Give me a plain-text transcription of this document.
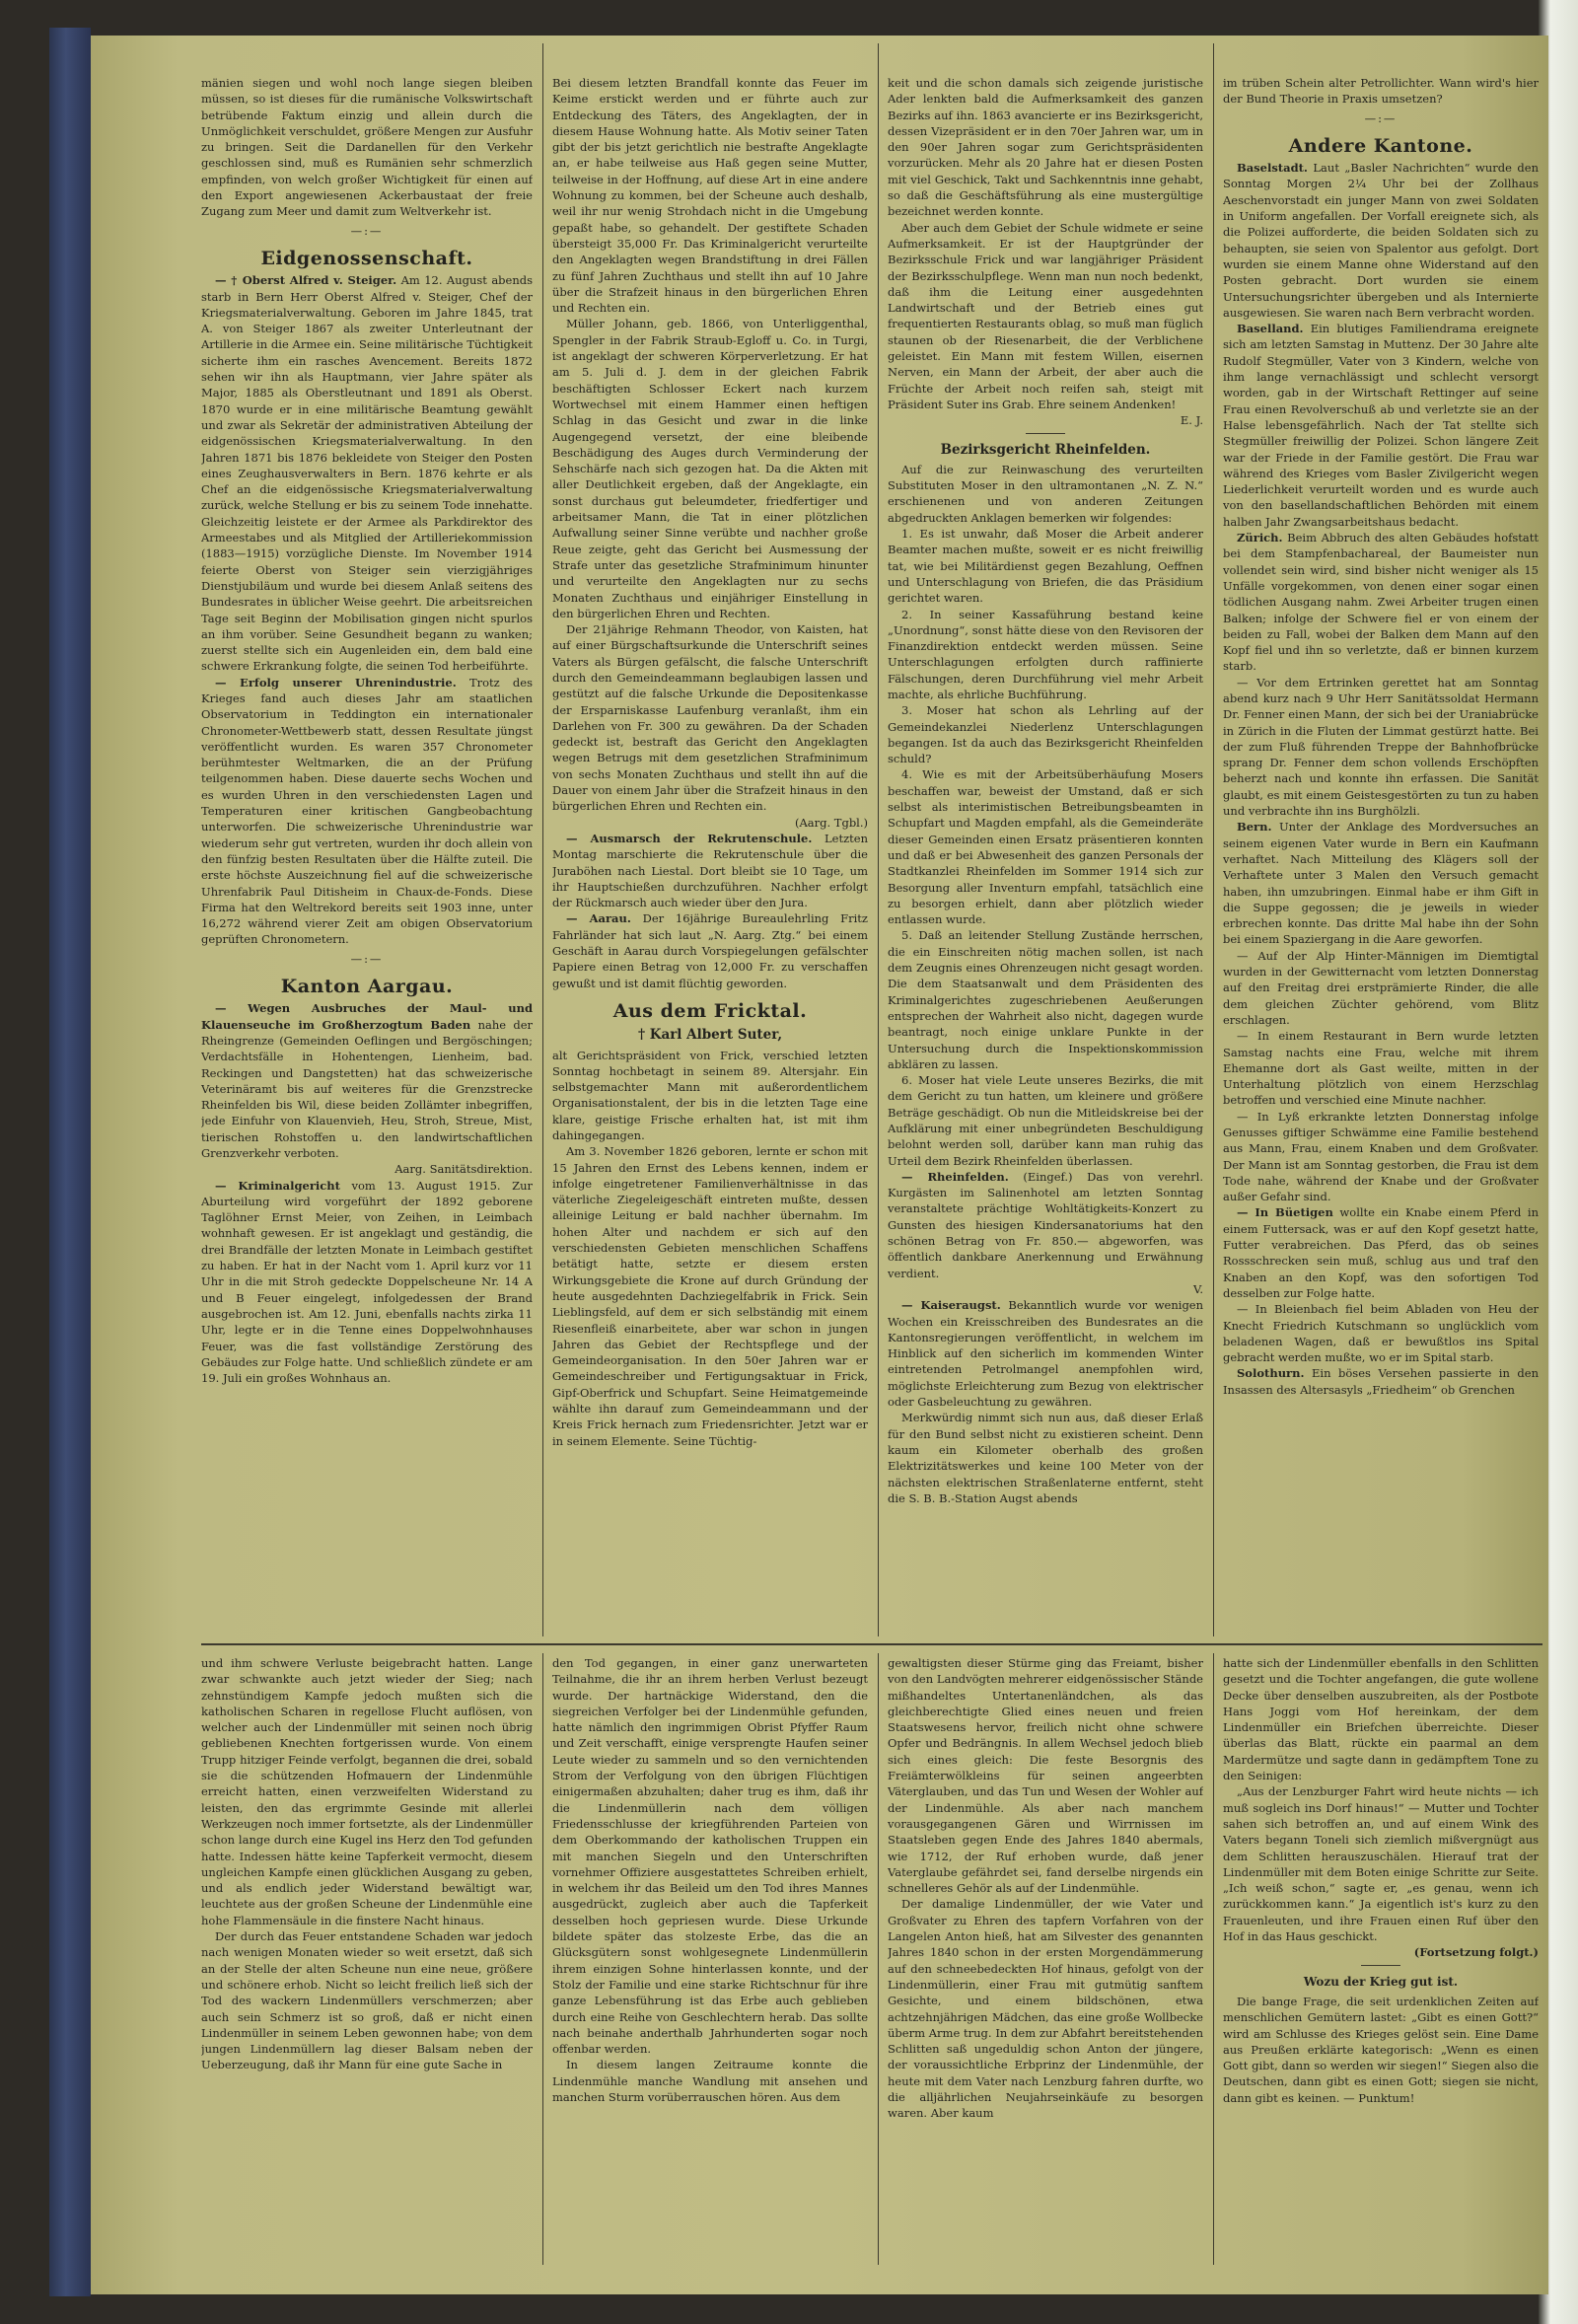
mänien siegen und wohl noch lange siegen bleiben müssen, so ist dieses für die rumänische Volkswirtschaft betrübende Faktum einzig und allein durch die Unmöglichkeit verschuldet, größere Mengen zur Ausfuhr zu bringen. Seit die Dardanellen für den Verkehr geschlossen sind, muß es Rumänien sehr schmerzlich empfinden, von welch großer Wichtigkeit für einen auf den Export angewiesenen Ackerbaustaat der freie Zugang zum Meer und damit zum Weltverkehr ist.

—:—
Eidgenossenschaft.

— † Oberst Alfred v. Steiger. Am 12. August abends starb in Bern Herr Oberst Alfred v. Steiger, Chef der Kriegsmaterialverwaltung. Geboren im Jahre 1845, trat A. von Steiger 1867 als zweiter Unterleutnant der Artillerie in die Armee ein. Seine militärische Tüchtigkeit sicherte ihm ein rasches Avencement. Bereits 1872 sehen wir ihn als Hauptmann, vier Jahre später als Major, 1885 als Oberstleutnant und 1891 als Oberst. 1870 wurde er in eine militärische Beamtung gewählt und zwar als Sekretär der administrativen Abteilung der eidgenössischen Kriegsmaterialverwaltung. In den Jahren 1871 bis 1876 bekleidete von Steiger den Posten eines Zeughausverwalters in Bern. 1876 kehrte er als Chef an die eidgenössische Kriegsmaterialverwaltung zurück, welche Stellung er bis zu seinem Tode innehatte. Gleichzeitig leistete er der Armee als Parkdirektor des Armeestabes und als Mitglied der Artilleriekommission (1883—1915) vorzügliche Dienste. Im November 1914 feierte Oberst von Steiger sein vierzigjähriges Dienstjubiläum und wurde bei diesem Anlaß seitens des Bundesrates in üblicher Weise geehrt. Die arbeitsreichen Tage seit Beginn der Mobilisation gingen nicht spurlos an ihm vorüber. Seine Gesundheit begann zu wanken; zuerst stellte sich ein Augenleiden ein, dem bald eine schwere Erkrankung folgte, die seinen Tod herbeiführte.

— Erfolg unserer Uhrenindustrie. Trotz des Krieges fand auch dieses Jahr am staatlichen Observatorium in Teddington ein internationaler Chronometer-Wettbewerb statt, dessen Resultate jüngst veröffentlicht wurden. Es waren 357 Chronometer berühmtester Weltmarken, die an der Prüfung teilgenommen haben. Diese dauerte sechs Wochen und es wurden Uhren in den verschiedensten Lagen und Temperaturen einer kritischen Gangbeobachtung unterworfen. Die schweizerische Uhrenindustrie war wiederum sehr gut vertreten, wurden ihr doch allein von den fünfzig besten Resultaten über die Hälfte zuteil. Die erste höchste Auszeichnung fiel auf die schweizerische Uhrenfabrik Paul Ditisheim in Chaux-de-Fonds. Diese Firma hat den Weltrekord bereits seit 1903 inne, unter 16,272 während vierer Zeit am obigen Observatorium geprüften Chronometern.

—:—
Kanton Aargau.

— Wegen Ausbruches der Maul- und Klauenseuche im Großherzogtum Baden nahe der Rheingrenze (Gemeinden Oeflingen und Bergöschingen; Verdachtsfälle in Hohentengen, Lienheim, bad. Reckingen und Dangstetten) hat das schweizerische Veterinäramt bis auf weiteres für die Grenzstrecke Rheinfelden bis Wil, diese beiden Zollämter inbegriffen, jede Einfuhr von Klauenvieh, Heu, Stroh, Streue, Mist, tierischen Rohstoffen u. den landwirtschaftlichen Grenzverkehr verboten.

Aarg. Sanitätsdirektion.

— Kriminalgericht vom 13. August 1915. Zur Aburteilung wird vorgeführt der 1892 geborene Taglöhner Ernst Meier, von Zeihen, in Leimbach wohnhaft gewesen. Er ist angeklagt und geständig, die drei Brandfälle der letzten Monate in Leimbach gestiftet zu haben. Er hat in der Nacht vom 1. April kurz vor 11 Uhr in die mit Stroh gedeckte Doppelscheune Nr. 14 A und B Feuer eingelegt, infolgedessen der Brand ausgebrochen ist. Am 12. Juni, ebenfalls nachts zirka 11 Uhr, legte er in die Tenne eines Doppelwohnhauses Feuer, was die fast vollständige Zerstörung des Gebäudes zur Folge hatte. Und schließlich zündete er am 19. Juli ein großes Wohnhaus an.

Bei diesem letzten Brandfall konnte das Feuer im Keime erstickt werden und er führte auch zur Entdeckung des Täters, des Angeklagten, der in diesem Hause Wohnung hatte. Als Motiv seiner Taten gibt der bis jetzt gerichtlich nie bestrafte Angeklagte an, er habe teilweise aus Haß gegen seine Mutter, teilweise in der Hoffnung, auf diese Art in eine andere Wohnung zu kommen, bei der Scheune auch deshalb, weil ihr nur wenig Strohdach nicht in die Umgebung gepaßt habe, so gehandelt. Der gestiftete Schaden übersteigt 35,000 Fr. Das Kriminalgericht verurteilte den Angeklagten wegen Brandstiftung in drei Fällen zu fünf Jahren Zuchthaus und stellt ihn auf 10 Jahre über die Strafzeit hinaus in den bürgerlichen Ehren und Rechten ein.

Müller Johann, geb. 1866, von Unterliggenthal, Spengler in der Fabrik Straub-Egloff u. Co. in Turgi, ist angeklagt der schweren Körperverletzung. Er hat am 5. Juli d. J. dem in der gleichen Fabrik beschäftigten Schlosser Eckert nach kurzem Wortwechsel mit einem Hammer einen heftigen Schlag in das Gesicht und zwar in die linke Augengegend versetzt, der eine bleibende Beschädigung des Auges durch Verminderung der Sehschärfe nach sich gezogen hat. Da die Akten mit aller Deutlichkeit ergeben, daß der Angeklagte, ein sonst durchaus gut beleumdeter, friedfertiger und arbeitsamer Mann, die Tat in einer plötzlichen Aufwallung seiner Sinne verübte und nachher große Reue zeigte, geht das Gericht bei Ausmessung der Strafe unter das gesetzliche Strafminimum hinunter und verurteilte den Angeklagten nur zu sechs Monaten Zuchthaus und einjähriger Einstellung in den bürgerlichen Ehren und Rechten.

Der 21jährige Rehmann Theodor, von Kaisten, hat auf einer Bürgschaftsurkunde die Unterschrift seines Vaters als Bürgen gefälscht, die falsche Unterschrift durch den Gemeindeammann beglaubigen lassen und gestützt auf die falsche Urkunde die Depositenkasse der Ersparniskasse Laufenburg veranlaßt, ihm ein Darlehen von Fr. 300 zu gewähren. Da der Schaden gedeckt ist, bestraft das Gericht den Angeklagten wegen Betrugs mit dem gesetzlichen Strafminimum von sechs Monaten Zuchthaus und stellt ihn auf die Dauer von einem Jahr über die Strafzeit hinaus in den bürgerlichen Ehren und Rechten ein.

(Aarg. Tgbl.)

— Ausmarsch der Rekrutenschule. Letzten Montag marschierte die Rekrutenschule über die Juraböhen nach Liestal. Dort bleibt sie 10 Tage, um ihr Hauptschießen durchzuführen. Nachher erfolgt der Rückmarsch auch wieder über den Jura.

— Aarau. Der 16jährige Bureaulehrling Fritz Fahrländer hat sich laut „N. Aarg. Ztg.“ bei einem Geschäft in Aarau durch Vorspiegelungen gefälschter Papiere einen Betrag von 12,000 Fr. zu verschaffen gewußt und ist damit flüchtig geworden.

Aus dem Fricktal.
† Karl Albert Suter,

alt Gerichtspräsident von Frick, verschied letzten Sonntag hochbetagt in seinem 89. Altersjahr. Ein selbstgemachter Mann mit außerordentlichem Organisationstalent, der bis in die letzten Tage eine klare, geistige Frische erhalten hat, ist mit ihm dahingegangen.

Am 3. November 1826 geboren, lernte er schon mit 15 Jahren den Ernst des Lebens kennen, indem er infolge eingetretener Familienverhältnisse in das väterliche Ziegeleigeschäft eintreten mußte, dessen alleinige Leitung er bald nachher übernahm. Im hohen Alter und nachdem er sich auf den verschiedensten Gebieten menschlichen Schaffens betätigt hatte, setzte er diesem ersten Wirkungsgebiete die Krone auf durch Gründung der heute ausgedehnten Dachziegelfabrik in Frick. Sein Lieblingsfeld, auf dem er sich selbständig mit einem Riesenfleiß einarbeitete, aber war schon in jungen Jahren das Gebiet der Rechtspflege und der Gemeindeorganisation. In den 50er Jahren war er Gemeindeschreiber und Fertigungsaktuar in Frick, Gipf-Oberfrick und Schupfart. Seine Heimatgemeinde wählte ihn darauf zum Gemeindeammann und der Kreis Frick hernach zum Friedensrichter. Jetzt war er in seinem Elemente. Seine Tüchtig-

keit und die schon damals sich zeigende juristische Ader lenkten bald die Aufmerksamkeit des ganzen Bezirks auf ihn. 1863 avancierte er ins Bezirksgericht, dessen Vizepräsident er in den 70er Jahren war, um in den 90er Jahren sogar zum Gerichtspräsidenten vorzurücken. Mehr als 20 Jahre hat er diesen Posten mit viel Geschick, Takt und Sachkenntnis inne gehabt, so daß die Geschäftsführung als eine mustergültige bezeichnet werden konnte.

Aber auch dem Gebiet der Schule widmete er seine Aufmerksamkeit. Er ist der Hauptgründer der Bezirksschule Frick und war langjähriger Präsident der Bezirksschulpflege. Wenn man nun noch bedenkt, daß ihm die Leitung einer ausgedehnten Landwirtschaft und der Betrieb eines gut frequentierten Restaurants oblag, so muß man füglich staunen ob der Riesenarbeit, die der Verblichene geleistet. Ein Mann mit festem Willen, eisernen Nerven, ein Mann der Arbeit, der aber auch die Früchte der Arbeit noch reifen sah, steigt mit Präsident Suter ins Grab. Ehre seinem Andenken!

E. J.

Bezirksgericht Rheinfelden.

Auf die zur Reinwaschung des verurteilten Substituten Moser in den ultramontanen „N. Z. N.“ erschienenen und von anderen Zeitungen abgedruckten Anklagen bemerken wir folgendes:

1. Es ist unwahr, daß Moser die Arbeit anderer Beamter machen mußte, soweit er es nicht freiwillig tat, wie bei Militärdienst gegen Bezahlung, Oeffnen und Unterschlagung von Briefen, die das Präsidium gerichtet waren.

2. In seiner Kassaführung bestand keine „Unordnung“, sonst hätte diese von den Revisoren der Finanzdirektion entdeckt werden müssen. Seine Unterschlagungen erfolgten durch raffinierte Fälschungen, deren Durchführung viel mehr Arbeit machte, als ehrliche Buchführung.

3. Moser hat schon als Lehrling auf der Gemeindekanzlei Niederlenz Unterschlagungen begangen. Ist da auch das Bezirksgericht Rheinfelden schuld?

4. Wie es mit der Arbeitsüberhäufung Mosers beschaffen war, beweist der Umstand, daß er sich selbst als interimistischen Betreibungsbeamten in Schupfart und Magden empfahl, als die Gemeinderäte dieser Gemeinden einen Ersatz präsentieren konnten und daß er bei Abwesenheit des ganzen Personals der Stadtkanzlei Rheinfelden im Sommer 1914 sich zur Besorgung aller Inventurn empfahl, tatsächlich eine zu besorgen erhielt, dann aber plötzlich wieder entlassen wurde.

5. Daß an leitender Stellung Zustände herrschen, die ein Einschreiten nötig machen sollen, ist nach dem Zeugnis eines Ohrenzeugen nicht gesagt worden. Die dem Staatsanwalt und dem Präsidenten des Kriminalgerichtes zugeschriebenen Aeußerungen entsprechen der Wahrheit also nicht, dagegen wurde beantragt, noch einige unklare Punkte in der Untersuchung durch die Inspektionskommission abklären zu lassen.

6. Moser hat viele Leute unseres Bezirks, die mit dem Gericht zu tun hatten, um kleinere und größere Beträge geschädigt. Ob nun die Mitleidskreise bei der Aufklärung mit einer unbegründeten Beschuldigung belohnt werden soll, darüber kann man ruhig das Urteil dem Bezirk Rheinfelden überlassen.

— Rheinfelden. (Eingef.) Das von verehrl. Kurgästen im Salinenhotel am letzten Sonntag veranstaltete prächtige Wohltätigkeits-Konzert zu Gunsten des hiesigen Kindersanatoriums hat den schönen Betrag von Fr. 850.— abgeworfen, was öffentlich dankbare Anerkennung und Erwähnung verdient.

V.

— Kaiseraugst. Bekanntlich wurde vor wenigen Wochen ein Kreisschreiben des Bundesrates an die Kantonsregierungen veröffentlicht, in welchem im Hinblick auf den sicherlich im kommenden Winter eintretenden Petrolmangel anempfohlen wird, möglichste Erleichterung zum Bezug von elektrischer oder Gasbeleuchtung zu gewähren.

Merkwürdig nimmt sich nun aus, daß dieser Erlaß für den Bund selbst nicht zu existieren scheint. Denn kaum ein Kilometer oberhalb des großen Elektrizitätswerkes und keine 100 Meter von der nächsten elektrischen Straßenlaterne entfernt, steht die S. B. B.-Station Augst abends

im trüben Schein alter Petrollichter. Wann wird's hier der Bund Theorie in Praxis umsetzen?

—:—
Andere Kantone.

Baselstadt. Laut „Basler Nachrichten“ wurde den Sonntag Morgen 2¼ Uhr bei der Zollhaus Aeschenvorstadt ein junger Mann von zwei Soldaten in Uniform angefallen. Der Vorfall ereignete sich, als die Polizei aufforderte, die beiden Soldaten sich zu behaupten, sie seien von Spalentor aus gefolgt. Dort wurden sie einem Manne ohne Widerstand auf den Posten gebracht. Dort wurden sie einem Untersuchungsrichter übergeben und als Internierte ausgewiesen. Sie waren nach Bern verbracht worden.

Baselland. Ein blutiges Familiendrama ereignete sich am letzten Samstag in Muttenz. Der 30 Jahre alte Rudolf Stegmüller, Vater von 3 Kindern, welche von ihm lange vernachlässigt und schlecht versorgt worden, gab in der Wirtschaft Rettinger auf seine Frau einen Revolverschuß ab und verletzte sie an der Halse lebensgefährlich. Nach der Tat stellte sich Stegmüller freiwillig der Polizei. Schon längere Zeit war der Friede in der Familie gestört. Die Frau war während des Krieges vom Basler Zivilgericht wegen Liederlichkeit verurteilt worden und es wurde auch von den basellandschaftlichen Behörden mit einem halben Jahr Zwangsarbeitshaus bedacht.

Zürich. Beim Abbruch des alten Gebäudes hofstatt bei dem Stampfenbachareal, der Baumeister nun vollendet sein wird, sind bisher nicht weniger als 15 Unfälle vorgekommen, von denen einer sogar einen tödlichen Ausgang nahm. Zwei Arbeiter trugen einen Balken; infolge der Schwere fiel er von einem der beiden zu Fall, wobei der Balken dem Mann auf den Kopf fiel und ihn so verletzte, daß er binnen kurzem starb.

— Vor dem Ertrinken gerettet hat am Sonntag abend kurz nach 9 Uhr Herr Sanitätssoldat Hermann Dr. Fenner einen Mann, der sich bei der Uraniabrücke in Zürich in die Fluten der Limmat gestürzt hatte. Bei der zum Fluß führenden Treppe der Bahnhofbrücke sprang Dr. Fenner dem schon vollends Erschöpften beherzt nach und konnte ihn erfassen. Die Sanität glaubt, es mit einem Geistesgestörten zu tun zu haben und verbrachte ihn ins Burghölzli.

Bern. Unter der Anklage des Mordversuches an seinem eigenen Vater wurde in Bern ein Kaufmann verhaftet. Nach Mitteilung des Klägers soll der Verhaftete unter 3 Malen den Versuch gemacht haben, ihn umzubringen. Einmal habe er ihm Gift in die Suppe gegossen; die je jeweils in wieder erbrechen konnte. Das dritte Mal habe ihn der Sohn bei einem Spaziergang in die Aare geworfen.

— Auf der Alp Hinter-Männigen im Diemtigtal wurden in der Gewitternacht vom letzten Donnerstag auf den Freitag drei erstprämierte Rinder, die alle dem gleichen Züchter gehörend, vom Blitz erschlagen.

— In einem Restaurant in Bern wurde letzten Samstag nachts eine Frau, welche mit ihrem Ehemanne dort als Gast weilte, mitten in der Unterhaltung plötzlich von einem Herzschlag betroffen und verschied eine Minute nachher.

— In Lyß erkrankte letzten Donnerstag infolge Genusses giftiger Schwämme eine Familie bestehend aus Mann, Frau, einem Knaben und dem Großvater. Der Mann ist am Sonntag gestorben, die Frau ist dem Tode nahe, während der Knabe und der Großvater außer Gefahr sind.

— In Büetigen wollte ein Knabe einem Pferd in einem Futtersack, was er auf den Kopf gesetzt hatte, Futter verabreichen. Das Pferd, das ob seines Rossschrecken sein muß, schlug aus und traf den Knaben an den Kopf, was den sofortigen Tod desselben zur Folge hatte.

— In Bleienbach fiel beim Abladen von Heu der Knecht Friedrich Kutschmann so unglücklich vom beladenen Wagen, daß er bewußtlos ins Spital gebracht werden mußte, wo er im Spital starb.

Solothurn. Ein böses Versehen passierte in den Insassen des Altersasyls „Friedheim“ ob Grenchen

und ihm schwere Verluste beigebracht hatten. Lange zwar schwankte auch jetzt wieder der Sieg; nach zehnstündigem Kampfe jedoch mußten sich die katholischen Scharen in regellose Flucht auflösen, von welcher auch der Lindenmüller mit seinen noch übrig gebliebenen Knechten fortgerissen wurde. Von einem Trupp hitziger Feinde verfolgt, begannen die drei, sobald sie die schützenden Hofmauern der Lindenmühle erreicht hatten, einen verzweifelten Widerstand zu leisten, den das ergrimmte Gesinde mit allerlei Werkzeugen noch immer fortsetzte, als der Lindenmüller schon lange durch eine Kugel ins Herz den Tod gefunden hatte. Indessen hätte keine Tapferkeit vermocht, diesem ungleichen Kampfe einen glücklichen Ausgang zu geben, und als endlich jeder Widerstand bewältigt war, leuchtete aus der großen Scheune der Lindenmühle eine hohe Flammensäule in die finstere Nacht hinaus.

Der durch das Feuer entstandene Schaden war jedoch nach wenigen Monaten wieder so weit ersetzt, daß sich an der Stelle der alten Scheune nun eine neue, größere und schönere erhob. Nicht so leicht freilich ließ sich der Tod des wackern Lindenmüllers verschmerzen; aber auch sein Schmerz ist so groß, daß er nicht einen Lindenmüller in seinem Leben gewonnen habe; von dem jungen Lindenmüllern lag dieser Balsam neben der Ueberzeugung, daß ihr Mann für eine gute Sache in

den Tod gegangen, in einer ganz unerwarteten Teilnahme, die ihr an ihrem herben Verlust bezeugt wurde. Der hartnäckige Widerstand, den die siegreichen Verfolger bei der Lindenmühle gefunden, hatte nämlich den ingrimmigen Obrist Pfyffer Raum und Zeit verschafft, einige versprengte Haufen seiner Leute wieder zu sammeln und so den vernichtenden Strom der Verfolgung von den übrigen Flüchtigen einigermaßen abzuhalten; daher trug es ihm, daß ihr die Lindenmüllerin nach dem völligen Friedensschlusse der kriegführenden Parteien von dem Oberkommando der katholischen Truppen ein mit manchen Siegeln und den Unterschriften vornehmer Offiziere ausgestattetes Schreiben erhielt, in welchem ihr das Beileid um den Tod ihres Mannes ausgedrückt, zugleich aber auch die Tapferkeit desselben hoch gepriesen wurde. Diese Urkunde bildete später das stolzeste Erbe, das die an Glücksgütern sonst wohlgesegnete Lindenmüllerin ihrem einzigen Sohne hinterlassen konnte, und der Stolz der Familie und eine starke Richtschnur für ihre ganze Lebensführung ist das Erbe auch geblieben durch eine Reihe von Geschlechtern herab. Das sollte nach beinahe anderthalb Jahrhunderten sogar noch offenbar werden.

In diesem langen Zeitraume konnte die Lindenmühle manche Wandlung mit ansehen und manchen Sturm vorüberrauschen hören. Aus dem

gewaltigsten dieser Stürme ging das Freiamt, bisher von den Landvögten mehrerer eidgenössischer Stände mißhandeltes Untertanenländchen, als das gleichberechtigte Glied eines neuen und freien Staatswesens hervor, freilich nicht ohne schwere Opfer und Bedrängnis. In allem Wechsel jedoch blieb sich eines gleich: Die feste Besorgnis des Freiämterwölkleins für seinen angeerbten Väterglauben, und das Tun und Wesen der Wohler auf der Lindenmühle. Als aber nach manchem vorausgegangenen Gären und Wirrnissen im Staatsleben gegen Ende des Jahres 1840 abermals, wie 1712, der Ruf erhoben wurde, daß jener Vaterglaube gefährdet sei, fand derselbe nirgends ein schnelleres Gehör als auf der Lindenmühle.

Der damalige Lindenmüller, der wie Vater und Großvater zu Ehren des tapfern Vorfahren von der Langelen Anton hieß, hat am Silvester des genannten Jahres 1840 schon in der ersten Morgendämmerung auf den schneebedeckten Hof hinaus, gefolgt von der Lindenmüllerin, einer Frau mit gutmütig sanftem Gesichte, und einem bildschönen, etwa achtzehnjährigen Mädchen, das eine große Wollbecke überm Arme trug. In dem zur Abfahrt bereitstehenden Schlitten saß ungeduldig schon Anton der jüngere, der voraussichtliche Erbprinz der Lindenmühle, der heute mit dem Vater nach Lenzburg fahren durfte, wo die alljährlichen Neujahrseinkäufe zu besorgen waren. Aber kaum

hatte sich der Lindenmüller ebenfalls in den Schlitten gesetzt und die Tochter angefangen, die gute wollene Decke über denselben auszubreiten, als der Postbote Hans Joggi vom Hof hereinkam, der dem Lindenmüller ein Briefchen überreichte. Dieser überlas das Blatt, rückte ein paarmal an dem Mardermütze und sagte dann in gedämpftem Tone zu den Seinigen:

„Aus der Lenzburger Fahrt wird heute nichts — ich muß sogleich ins Dorf hinaus!“ — Mutter und Tochter sahen sich betroffen an, und auf einem Wink des Vaters begann Toneli sich ziemlich mißvergnügt aus dem Schlitten herauszuschälen. Hierauf trat der Lindenmüller mit dem Boten einige Schritte zur Seite. „Ich weiß schon,“ sagte er, „es genau, wenn ich zurückkommen kann.“ Ja eigentlich ist's kurz zu den Frauenleuten, und ihre Frauen einen Ruf über den Hof in das Haus geschickt.

(Fortsetzung folgt.)

Wozu der Krieg gut ist.

Die bange Frage, die seit urdenklichen Zeiten auf menschlichen Gemütern lastet: „Gibt es einen Gott?“ wird am Schlusse des Krieges gelöst sein. Eine Dame aus Preußen erklärte kategorisch: „Wenn es einen Gott gibt, dann so werden wir siegen!“ Siegen also die Deutschen, dann gibt es einen Gott; siegen sie nicht, dann gibt es keinen. — Punktum!
